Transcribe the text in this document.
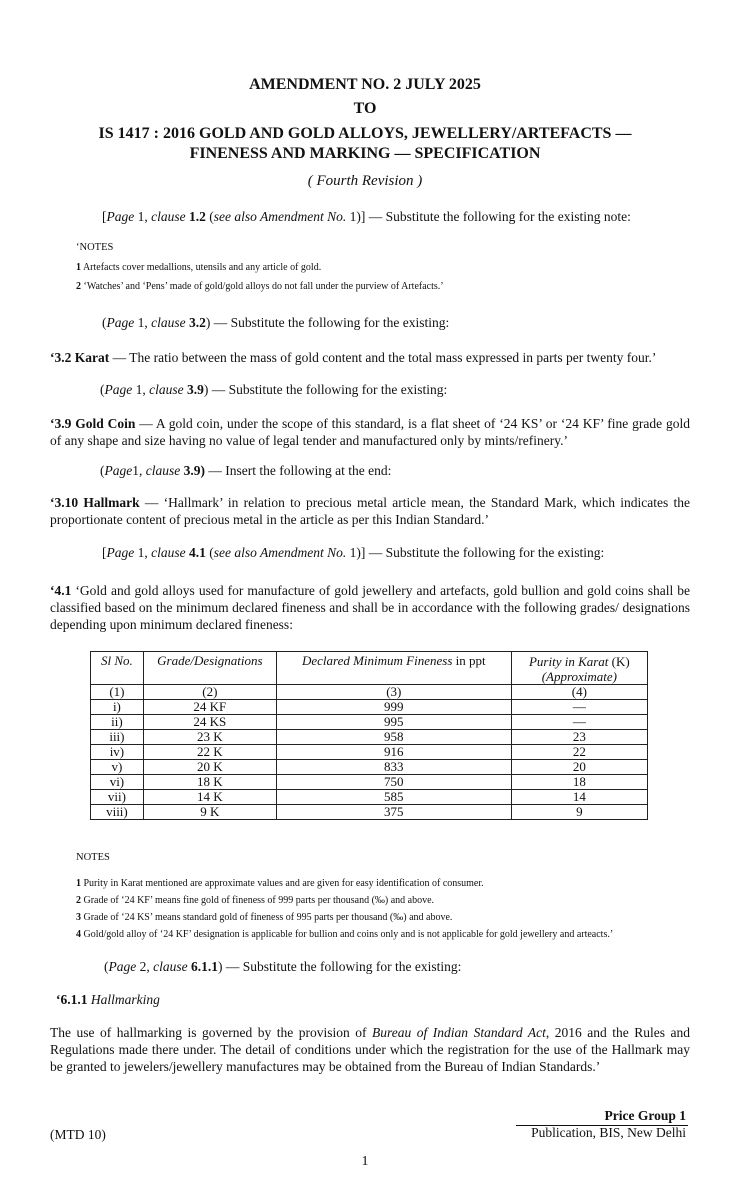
AMENDMENT NO. 2 JULY 2025
TO
IS 1417 : 2016 GOLD AND GOLD ALLOYS, JEWELLERY/ARTEFACTS —
FINENESS AND MARKING — SPECIFICATION
( Fourth Revision )
[Page 1, clause 1.2 (see also Amendment No. 1)] — Substitute the following for the existing note:
‘NOTES
1 Artefacts cover medallions, utensils and any article of gold.
2 ‘Watches’ and ‘Pens’ made of gold/gold alloys do not fall under the purview of Artefacts.’
(Page 1, clause 3.2) — Substitute the following for the existing:
‘3.2 Karat — The ratio between the mass of gold content and the total mass expressed in parts per twenty four.’
(Page 1, clause 3.9) — Substitute the following for the existing:
‘3.9 Gold Coin — A gold coin, under the scope of this standard, is a flat sheet of ‘24 KS’ or ‘24 KF’ fine grade gold of any shape and size having no value of legal tender and manufactured only by mints/refinery.’
(Page1, clause 3.9) — Insert the following at the end:
‘3.10 Hallmark — ‘Hallmark’ in relation to precious metal article mean, the Standard Mark, which indicates the proportionate content of precious metal in the article as per this Indian Standard.’
[Page 1, clause 4.1 (see also Amendment No. 1)] — Substitute the following for the existing:
‘4.1 ‘Gold and gold alloys used for manufacture of gold jewellery and artefacts, gold bullion and gold coins shall be classified based on the minimum declared fineness and shall be in accordance with the following grades/ designations depending upon minimum declared fineness:
Sl No.	Grade/Designations	Declared Minimum Fineness in ppt	Purity in Karat (K)
(Approximate)
(1)	(2)	(3)	(4)
i)	24 KF	999	—
ii)	24 KS	995	—
iii)	23 K	958	23
iv)	22 K	916	22
v)	20 K	833	20
vi)	18 K	750	18
vii)	14 K	585	14
viii)	9 K	375	9
NOTES
1 Purity in Karat mentioned are approximate values and are given for easy identification of consumer.
2 Grade of ‘24 KF’ means fine gold of fineness of 999 parts per thousand (‰) and above.
3 Grade of ‘24 KS’ means standard gold of fineness of 995 parts per thousand (‰) and above.
4 Gold/gold alloy of ‘24 KF’ designation is applicable for bullion and coins only and is not applicable for gold jewellery and arteacts.’
(Page 2, clause 6.1.1) — Substitute the following for the existing:
‘6.1.1 Hallmarking
The use of hallmarking is governed by the provision of Bureau of Indian Standard Act, 2016 and the Rules and Regulations made there under. The detail of conditions under which the registration for the use of the Hallmark may be granted to jewelers/jewellery manufactures may be obtained from the Bureau of Indian Standards.’
Price Group 1
(MTD 10)	Publication, BIS, New Delhi
1
